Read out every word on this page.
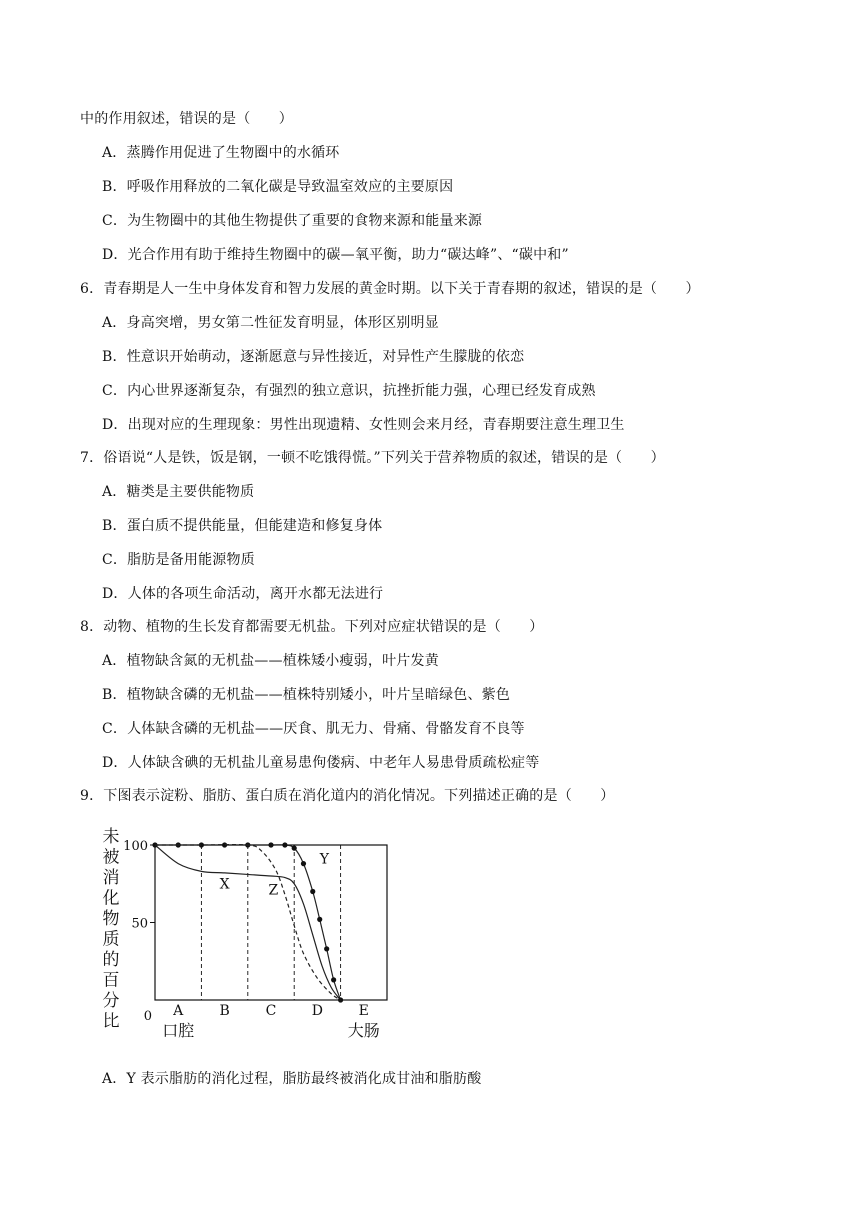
中的作用叙述，错误的是（　　）
A．蒸腾作用促进了生物圈中的水循环
B．呼吸作用释放的二氧化碳是导致温室效应的主要原因
C．为生物圈中的其他生物提供了重要的食物来源和能量来源
D．光合作用有助于维持生物圈中的碳—氧平衡，助力“碳达峰”、“碳中和”
6．青春期是人一生中身体发育和智力发展的黄金时期。以下关于青春期的叙述，错误的是（　　）
A．身高突增，男女第二性征发育明显，体形区别明显
B．性意识开始萌动，逐渐愿意与异性接近，对异性产生朦胧的依恋
C．内心世界逐渐复杂，有强烈的独立意识，抗挫折能力强，心理已经发育成熟
D．出现对应的生理现象：男性出现遗精、女性则会来月经，青春期要注意生理卫生
7．俗语说“人是铁，饭是钢，一顿不吃饿得慌。”下列关于营养物质的叙述，错误的是（　　）
A．糖类是主要供能物质
B．蛋白质不提供能量，但能建造和修复身体
C．脂肪是备用能源物质
D．人体的各项生命活动，离开水都无法进行
8．动物、植物的生长发育都需要无机盐。下列对应症状错误的是（　　）
A．植物缺含氮的无机盐——植株矮小瘦弱，叶片发黄
B．植物缺含磷的无机盐——植株特别矮小，叶片呈暗绿色、紫色
C．人体缺含磷的无机盐——厌食、肌无力、骨痛、骨骼发育不良等
D．人体缺含碘的无机盐儿童易患佝偻病、中老年人易患骨质疏松症等
9．下图表示淀粉、脂肪、蛋白质在消化道内的消化情况。下列描述正确的是（　　）
未
被
消
化
物
质
的
百
分
比
100
50
0 A	B	C	D	E
X
Y
Z
口腔	大肠
A．Y 表示脂肪的消化过程，脂肪最终被消化成甘油和脂肪酸
